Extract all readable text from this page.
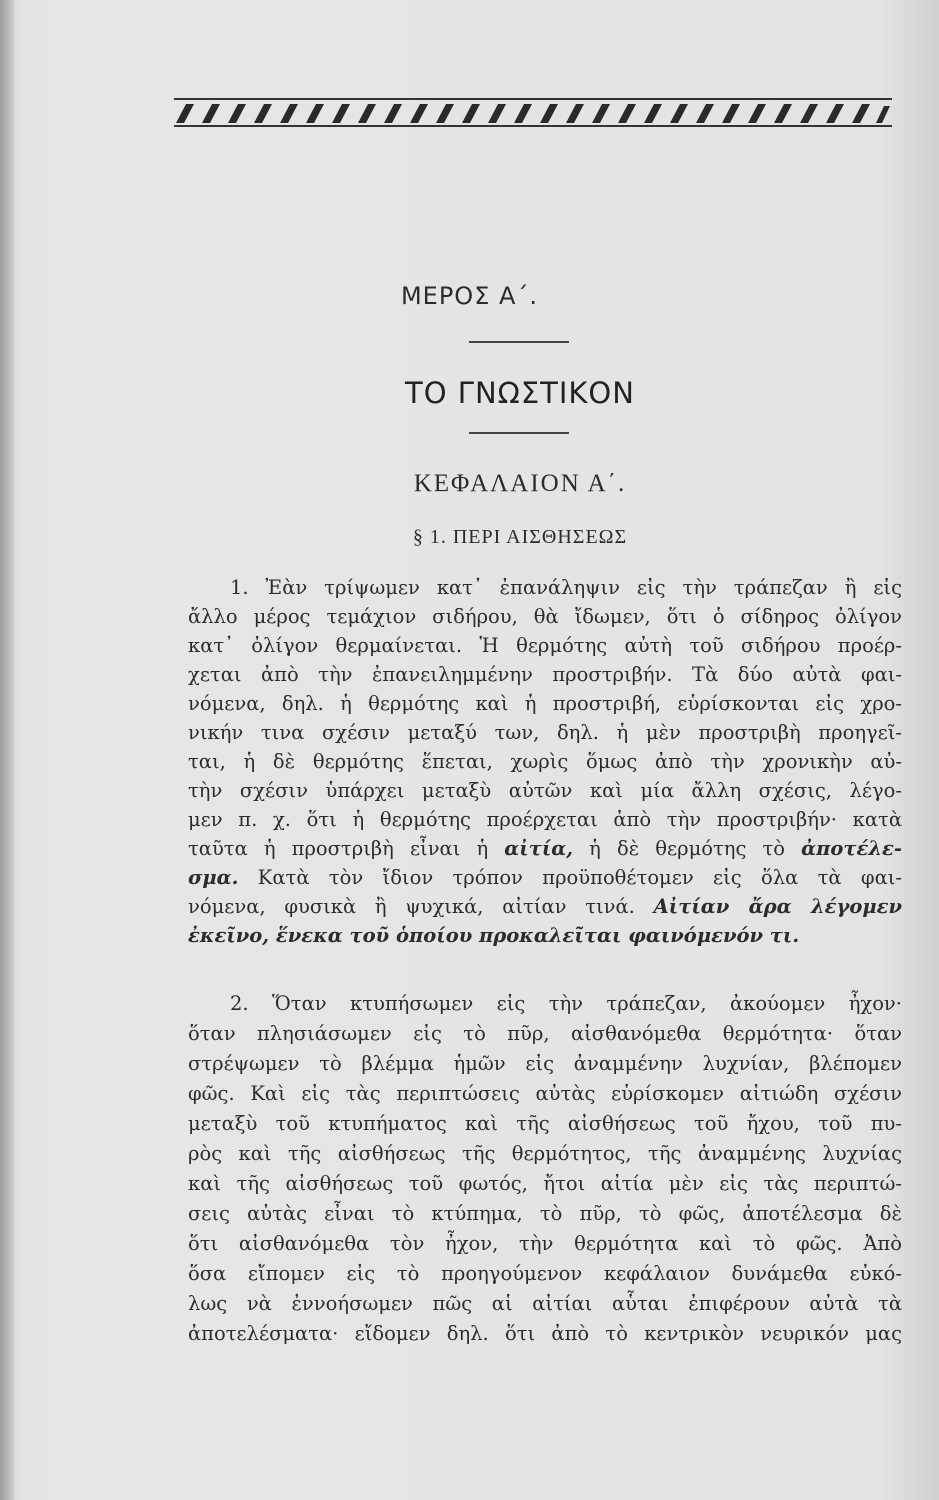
ΜΕΡΟΣ Α΄.
ΤΟ ΓΝΩΣΤΙΚΟΝ
ΚΕΦΑΛΑΙΟΝ Α΄.
§ 1. ΠΕΡΙ ΑΙΣΘΗΣΕΩΣ
1. Ἐὰν τρίψωμεν κατ᾽ ἐπανάληψιν εἰς τὴν τράπεζαν ἢ εἰς
ἄλλο μέρος τεμάχιον σιδήρου, θὰ ἴδωμεν, ὅτι ὁ σίδηρος ὀλίγον
κατ᾽ ὀλίγον θερμαίνεται. Ἡ θερμότης αὐτὴ τοῦ σιδήρου προέρ-
χεται ἀπὸ τὴν ἐπανειλημμένην προστριβήν. Τὰ δύο αὐτὰ φαι-
νόμενα, δηλ. ἡ θερμότης καὶ ἡ προστριβή, εὑρίσκονται εἰς χρο-
νικήν τινα σχέσιν μεταξύ των, δηλ. ἡ μὲν προστριβὴ προηγεῖ-
ται, ἡ δὲ θερμότης ἕπεται, χωρὶς ὅμως ἀπὸ τὴν χρονικὴν αὐ-
τὴν σχέσιν ὑπάρχει μεταξὺ αὐτῶν καὶ μία ἄλλη σχέσις, λέγο-
μεν π. χ. ὅτι ἡ θερμότης προέρχεται ἀπὸ τὴν προστριβήν· κατὰ
ταῦτα ἡ προστριβὴ εἶναι ἡ αἰτία, ἡ δὲ θερμότης τὸ ἀποτέλε-
σμα. Κατὰ τὸν ἴδιον τρόπον προϋποθέτομεν εἰς ὅλα τὰ φαι-
νόμενα, φυσικὰ ἢ ψυχικά, αἰτίαν τινά. Αἰτίαν ἄρα λέγομεν
ἐκεῖνο, ἕνεκα τοῦ ὁποίου προκαλεῖται φαινόμενόν τι.
2. Ὅταν κτυπήσωμεν εἰς τὴν τράπεζαν, ἀκούομεν ἦχον·
ὅταν πλησιάσωμεν εἰς τὸ πῦρ, αἰσθανόμεθα θερμότητα· ὅταν
στρέψωμεν τὸ βλέμμα ἡμῶν εἰς ἀναμμένην λυχνίαν, βλέπομεν
φῶς. Καὶ εἰς τὰς περιπτώσεις αὐτὰς εὑρίσκομεν αἰτιώδη σχέσιν
μεταξὺ τοῦ κτυπήματος καὶ τῆς αἰσθήσεως τοῦ ἤχου, τοῦ πυ-
ρὸς καὶ τῆς αἰσθήσεως τῆς θερμότητος, τῆς ἀναμμένης λυχνίας
καὶ τῆς αἰσθήσεως τοῦ φωτός, ἤτοι αἰτία μὲν εἰς τὰς περιπτώ-
σεις αὐτὰς εἶναι τὸ κτύπημα, τὸ πῦρ, τὸ φῶς, ἀποτέλεσμα δὲ
ὅτι αἰσθανόμεθα τὸν ἦχον, τὴν θερμότητα καὶ τὸ φῶς. Ἀπὸ
ὅσα εἴπομεν εἰς τὸ προηγούμενον κεφάλαιον δυνάμεθα εὐκό-
λως νὰ ἐννοήσωμεν πῶς αἱ αἰτίαι αὗται ἐπιφέρουν αὐτὰ τὰ
ἀποτελέσματα· εἴδομεν δηλ. ὅτι ἀπὸ τὸ κεντρικὸν νευρικόν μας
